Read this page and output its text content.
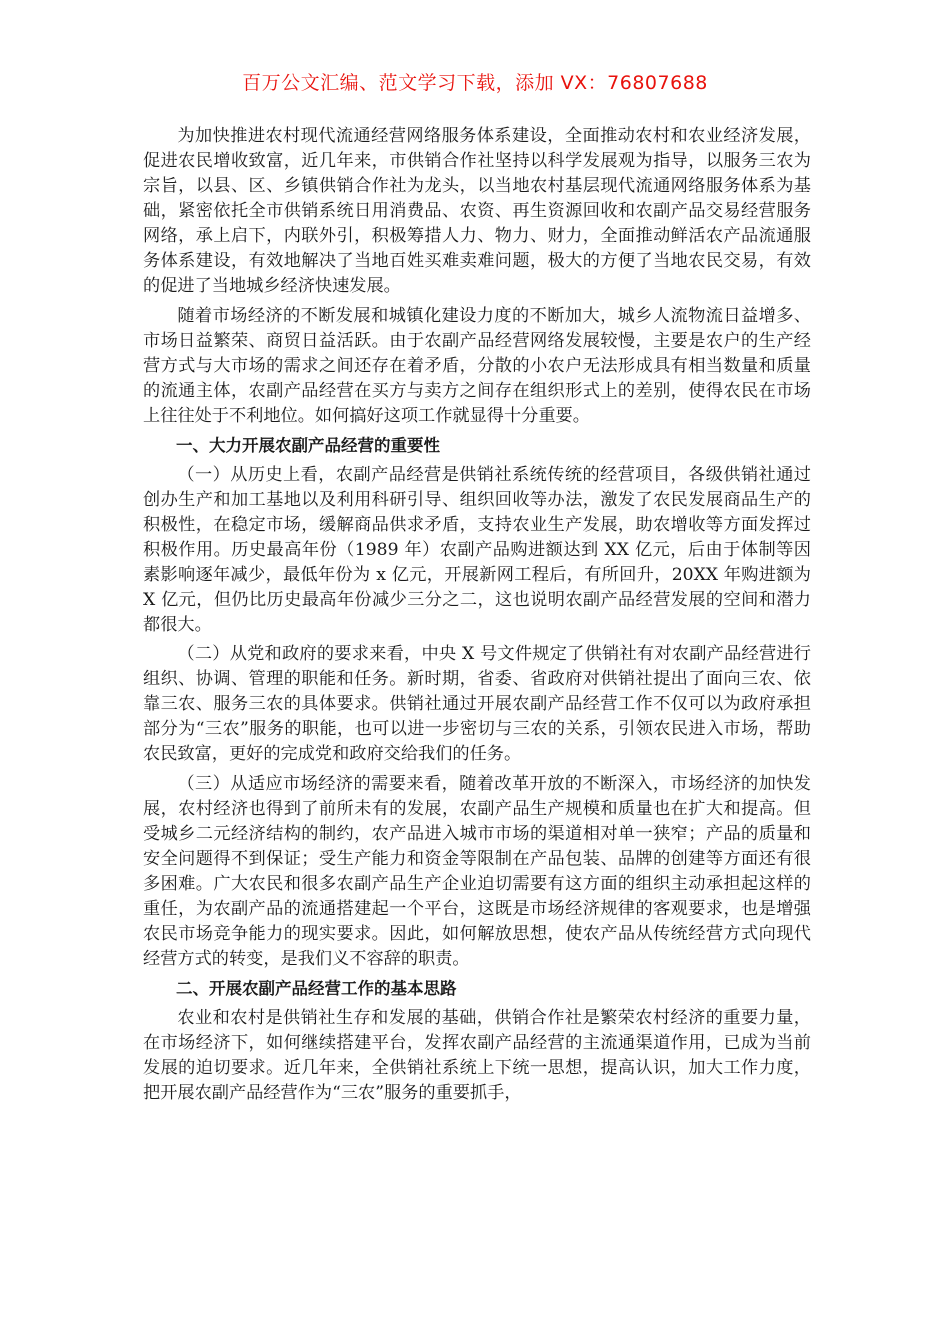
百万公文汇编、范文学习下载，添加 VX：76807688

为加快推进农村现代流通经营网络服务体系建设，全面推动农村和农业经济发展，促进农民增收致富，近几年来，市供销合作社坚持以科学发展观为指导，以服务三农为宗旨，以县、区、乡镇供销合作社为龙头，以当地农村基层现代流通网络服务体系为基础，紧密依托全市供销系统日用消费品、农资、再生资源回收和农副产品交易经营服务网络，承上启下，内联外引，积极筹措人力、物力、财力，全面推动鲜活农产品流通服务体系建设，有效地解决了当地百姓买难卖难问题，极大的方便了当地农民交易，有效的促进了当地城乡经济快速发展。

随着市场经济的不断发展和城镇化建设力度的不断加大，城乡人流物流日益增多、市场日益繁荣、商贸日益活跃。由于农副产品经营网络发展较慢，主要是农户的生产经营方式与大市场的需求之间还存在着矛盾，分散的小农户无法形成具有相当数量和质量的流通主体，农副产品经营在买方与卖方之间存在组织形式上的差别，使得农民在市场上往往处于不利地位。如何搞好这项工作就显得十分重要。

一、大力开展农副产品经营的重要性

（一）从历史上看，农副产品经营是供销社系统传统的经营项目，各级供销社通过创办生产和加工基地以及利用科研引导、组织回收等办法，激发了农民发展商品生产的积极性，在稳定市场，缓解商品供求矛盾，支持农业生产发展，助农增收等方面发挥过积极作用。历史最高年份（1989 年）农副产品购进额达到 XX 亿元，后由于体制等因素影响逐年减少，最低年份为 x 亿元，开展新网工程后，有所回升，20XX 年购进额为 X 亿元，但仍比历史最高年份减少三分之二，这也说明农副产品经营发展的空间和潜力都很大。

（二）从党和政府的要求来看，中央 X 号文件规定了供销社有对农副产品经营进行组织、协调、管理的职能和任务。新时期，省委、省政府对供销社提出了面向三农、依靠三农、服务三农的具体要求。供销社通过开展农副产品经营工作不仅可以为政府承担部分为“三农”服务的职能，也可以进一步密切与三农的关系，引领农民进入市场，帮助农民致富，更好的完成党和政府交给我们的任务。

（三）从适应市场经济的需要来看，随着改革开放的不断深入，市场经济的加快发展，农村经济也得到了前所未有的发展，农副产品生产规模和质量也在扩大和提高。但受城乡二元经济结构的制约，农产品进入城市市场的渠道相对单一狭窄；产品的质量和安全问题得不到保证；受生产能力和资金等限制在产品包装、品牌的创建等方面还有很多困难。广大农民和很多农副产品生产企业迫切需要有这方面的组织主动承担起这样的重任，为农副产品的流通搭建起一个平台，这既是市场经济规律的客观要求，也是增强农民市场竞争能力的现实要求。因此，如何解放思想，使农产品从传统经营方式向现代经营方式的转变，是我们义不容辞的职责。

二、开展农副产品经营工作的基本思路

农业和农村是供销社生存和发展的基础，供销合作社是繁荣农村经济的重要力量，在市场经济下，如何继续搭建平台，发挥农副产品经营的主流通渠道作用，已成为当前发展的迫切要求。近几年来，全供销社系统上下统一思想，提高认识，加大工作力度，把开展农副产品经营作为“三农”服务的重要抓手，
